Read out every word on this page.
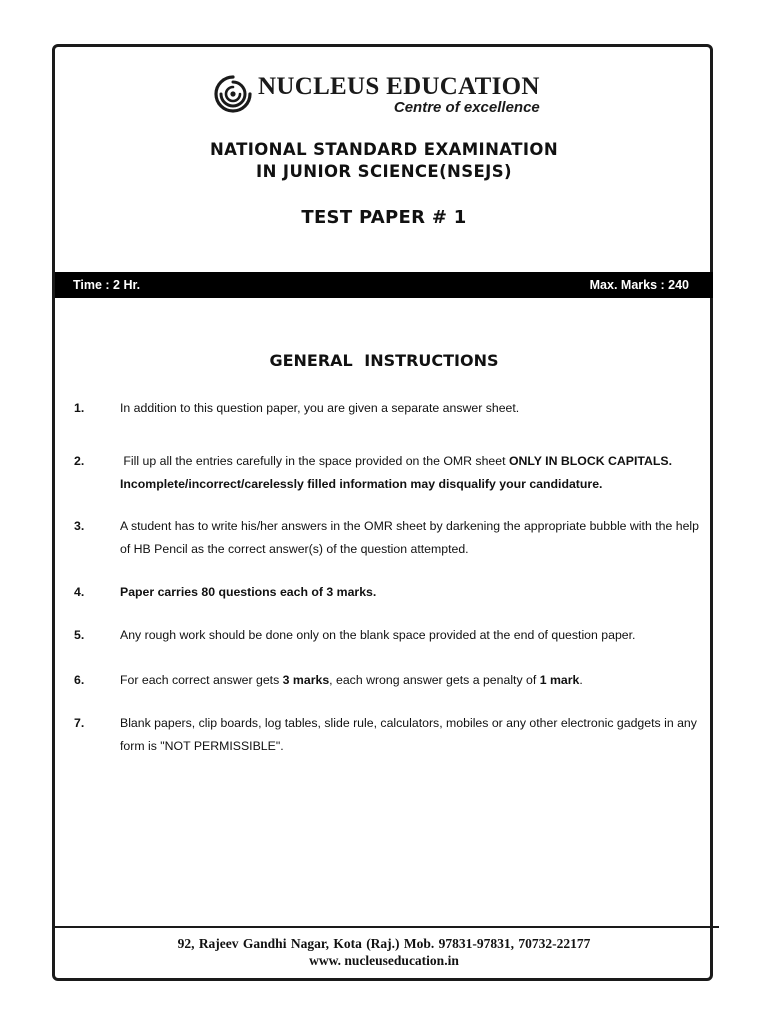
NUCLEUS EDUCATION
Centre of excellence
NATIONAL STANDARD EXAMINATION
IN JUNIOR SCIENCE(NSEJS)
TEST PAPER # 1
Time : 2 Hr.	Max. Marks : 240
GENERAL INSTRUCTIONS
1.	In addition to this question paper, you are given a separate answer sheet.
2.	Fill up all the entries carefully in the space provided on the OMR sheet ONLY IN BLOCK CAPITALS.
Incomplete/incorrect/carelessly filled information may disqualify your candidature.
3.	A student has to write his/her answers in the OMR sheet by darkening the appropriate bubble with the help of HB Pencil as the correct answer(s) of the question attempted.
4.	Paper carries 80 questions each of 3 marks.
5.	Any rough work should be done only on the blank space provided at the end of question paper.
6.	For each correct answer gets 3 marks, each wrong answer gets a penalty of 1 mark.
7.	Blank papers, clip boards, log tables, slide rule, calculators, mobiles or any other electronic gadgets in any form is "NOT PERMISSIBLE".
92, Rajeev Gandhi Nagar, Kota (Raj.) Mob. 97831-97831, 70732-22177
www. nucleuseducation.in
